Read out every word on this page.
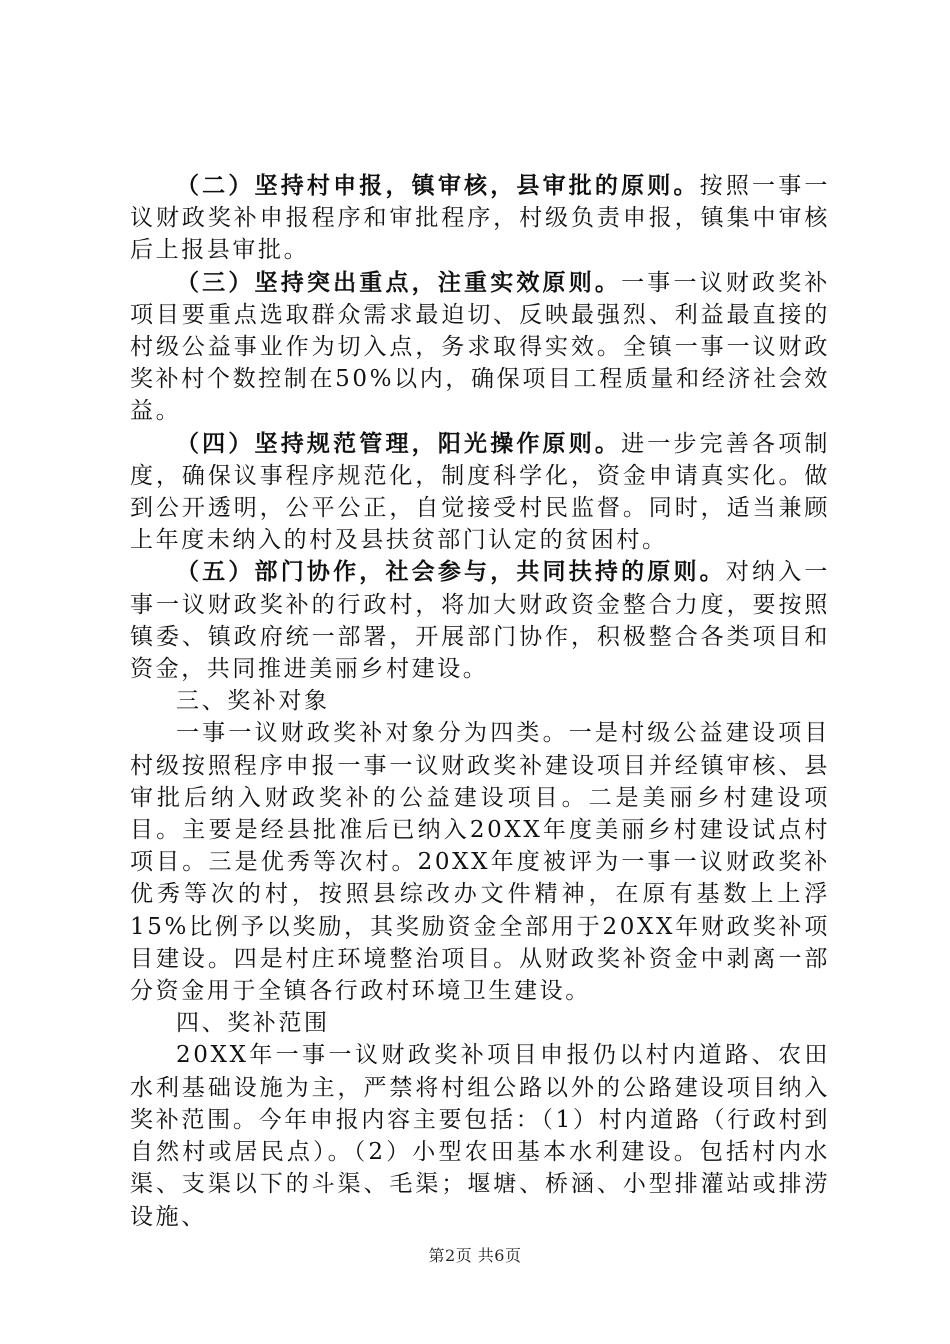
（二）坚持村申报，镇审核，县审批的原则。按照一事一议财政奖补申报程序和审批程序，村级负责申报，镇集中审核后上报县审批。

（三）坚持突出重点，注重实效原则。一事一议财政奖补项目要重点选取群众需求最迫切、反映最强烈、利益最直接的村级公益事业作为切入点，务求取得实效。全镇一事一议财政奖补村个数控制在50%以内，确保项目工程质量和经济社会效益。

（四）坚持规范管理，阳光操作原则。进一步完善各项制度，确保议事程序规范化，制度科学化，资金申请真实化。做到公开透明，公平公正，自觉接受村民监督。同时，适当兼顾上年度未纳入的村及县扶贫部门认定的贫困村。

（五）部门协作，社会参与，共同扶持的原则。对纳入一事一议财政奖补的行政村，将加大财政资金整合力度，要按照镇委、镇政府统一部署，开展部门协作，积极整合各类项目和资金，共同推进美丽乡村建设。

三、奖补对象

一事一议财政奖补对象分为四类。一是村级公益建设项目村级按照程序申报一事一议财政奖补建设项目并经镇审核、县审批后纳入财政奖补的公益建设项目。二是美丽乡村建设项目。主要是经县批准后已纳入20XX年度美丽乡村建设试点村项目。三是优秀等次村。20XX年度被评为一事一议财政奖补优秀等次的村，按照县综改办文件精神，在原有基数上上浮15%比例予以奖励，其奖励资金全部用于20XX年财政奖补项目建设。四是村庄环境整治项目。从财政奖补资金中剥离一部分资金用于全镇各行政村环境卫生建设。

四、奖补范围

20XX年一事一议财政奖补项目申报仍以村内道路、农田水利基础设施为主，严禁将村组公路以外的公路建设项目纳入奖补范围。今年申报内容主要包括：（1）村内道路（行政村到自然村或居民点）。（2）小型农田基本水利建设。包括村内水渠、支渠以下的斗渠、毛渠；堰塘、桥涵、小型排灌站或排涝设施、

第2页 共6页
